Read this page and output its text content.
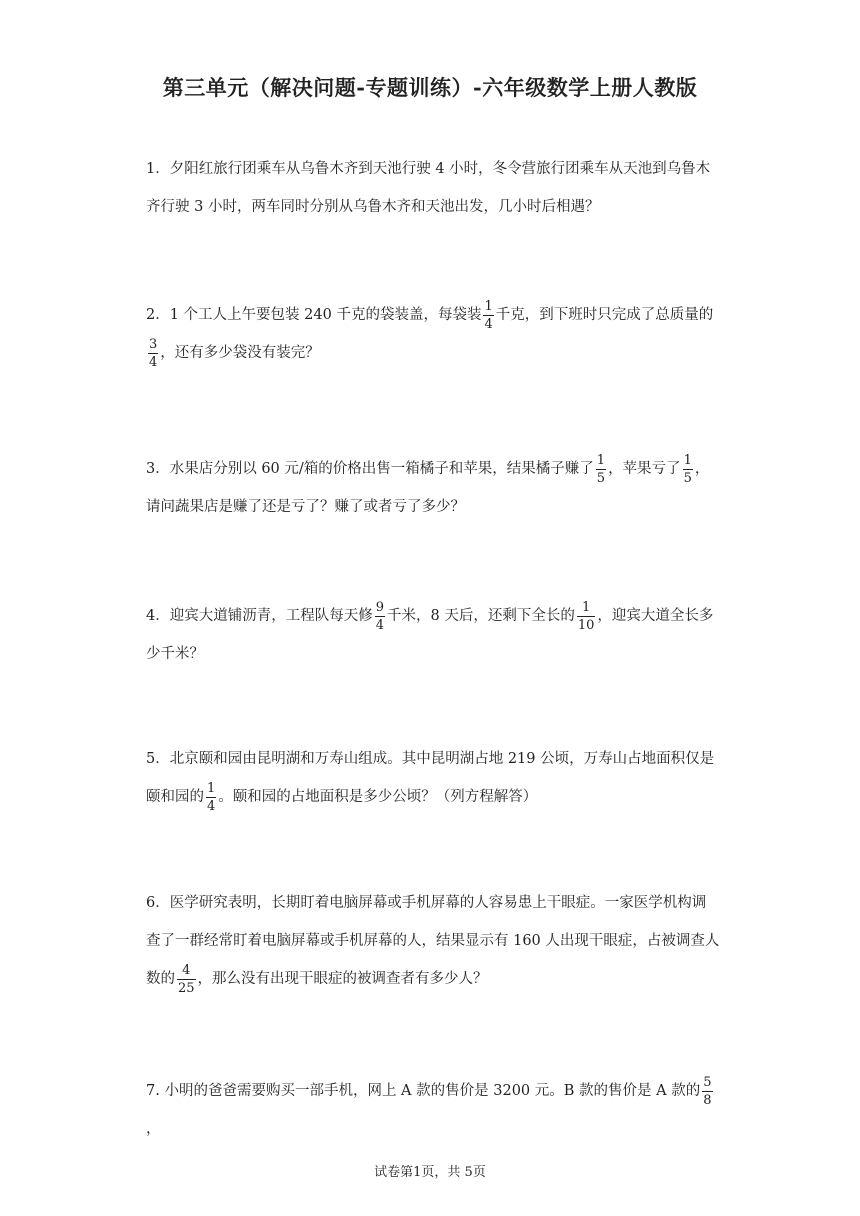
第三单元（解决问题-专题训练）-六年级数学上册人教版
1．夕阳红旅行团乘车从乌鲁木齐到天池行驶 4 小时，冬令营旅行团乘车从天池到乌鲁木齐行驶 3 小时，两车同时分别从乌鲁木齐和天池出发，几小时后相遇？
2．1 个工人上午要包装 240 千克的袋装盖，每袋装 $\frac{1}{4}$ 千克，到下班时只完成了总质量的
$\frac{3}{4}$ ，还有多少袋没有装完？
3．水果店分别以 60 元/箱的价格出售一箱橘子和苹果，结果橘子赚了 $\frac{1}{5}$ ，苹果亏了 $\frac{1}{5}$ ，请问蔬果店是赚了还是亏了？赚了或者亏了多少？
4．迎宾大道铺沥青，工程队每天修 $\frac{9}{4}$ 千米，8 天后，还剩下全长的 $\frac{1}{10}$ ，迎宾大道全长多少千米？
5．北京颐和园由昆明湖和万寿山组成。其中昆明湖占地 219 公顷，万寿山占地面积仅是颐和园的 $\frac{1}{4}$ 。颐和园的占地面积是多少公顷？（列方程解答）
6．医学研究表明，长期盯着电脑屏幕或手机屏幕的人容易患上干眼症。一家医学机构调查了一群经常盯着电脑屏幕或手机屏幕的人，结果显示有 160 人出现干眼症，占被调查人数的 $\frac{4}{25}$ ，那么没有出现干眼症的被调查者有多少人？
7. 小明的爸爸需要购买一部手机，网上 A 款的售价是 3200 元。B 款的售价是 A 款的 $\frac{5}{8}$
，
试卷第1页，共 5页
